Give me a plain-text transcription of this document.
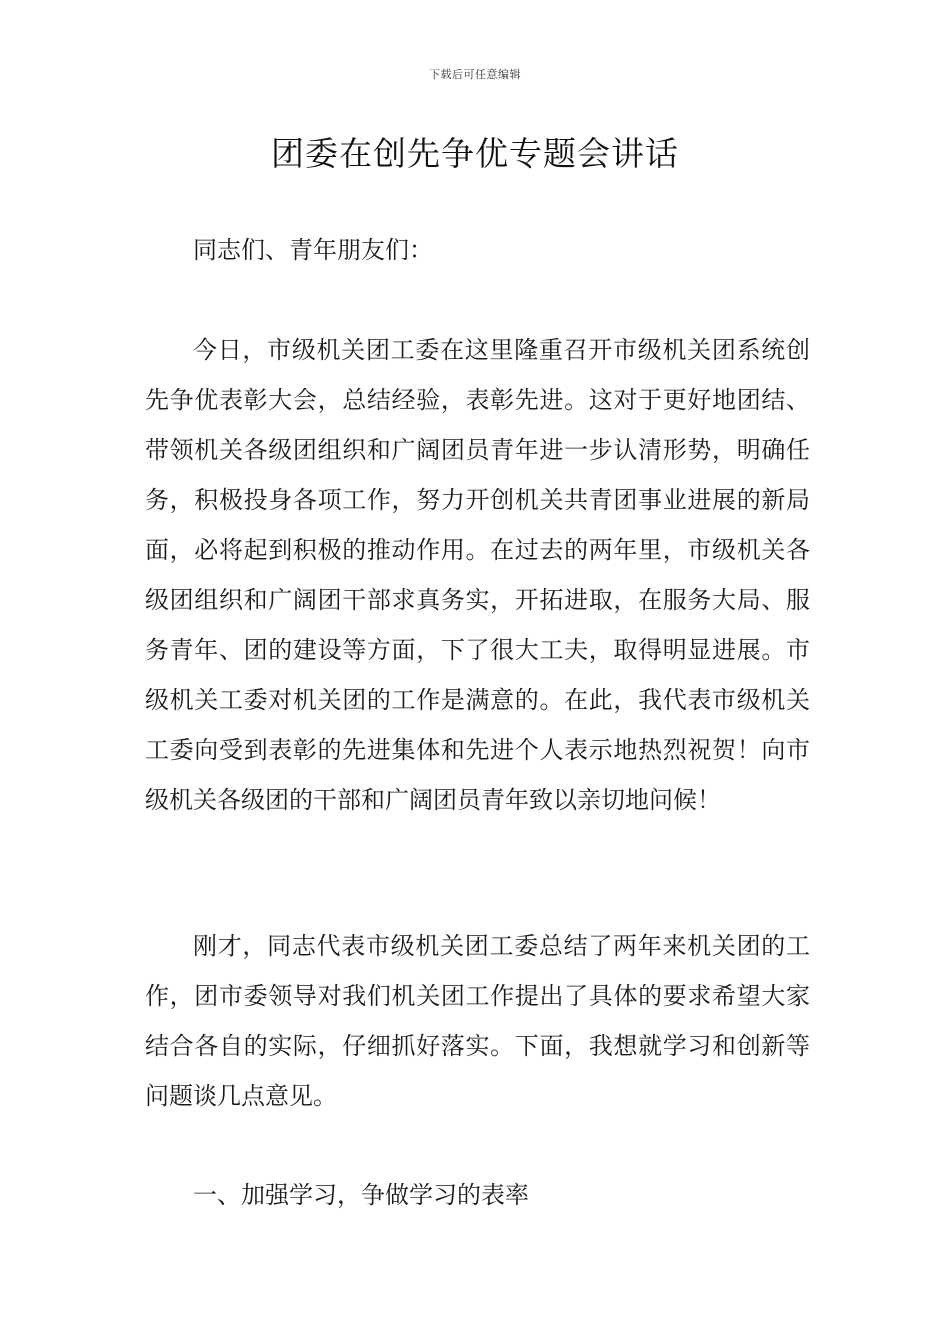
下载后可任意编辑
团委在创先争优专题会讲话

同志们、青年朋友们：

今日，市级机关团工委在这里隆重召开市级机关团系统创先争优表彰大会，总结经验，表彰先进。这对于更好地团结、带领机关各级团组织和广阔团员青年进一步认清形势，明确任务，积极投身各项工作，努力开创机关共青团事业进展的新局面，必将起到积极的推动作用。在过去的两年里，市级机关各级团组织和广阔团干部求真务实，开拓进取，在服务大局、服务青年、团的建设等方面，下了很大工夫，取得明显进展。市级机关工委对机关团的工作是满意的。在此，我代表市级机关工委向受到表彰的先进集体和先进个人表示地热烈祝贺！向市级机关各级团的干部和广阔团员青年致以亲切地问候！

刚才，同志代表市级机关团工委总结了两年来机关团的工作，团市委领导对我们机关团工作提出了具体的要求希望大家结合各自的实际，仔细抓好落实。下面，我想就学习和创新等问题谈几点意见。

一、加强学习，争做学习的表率
